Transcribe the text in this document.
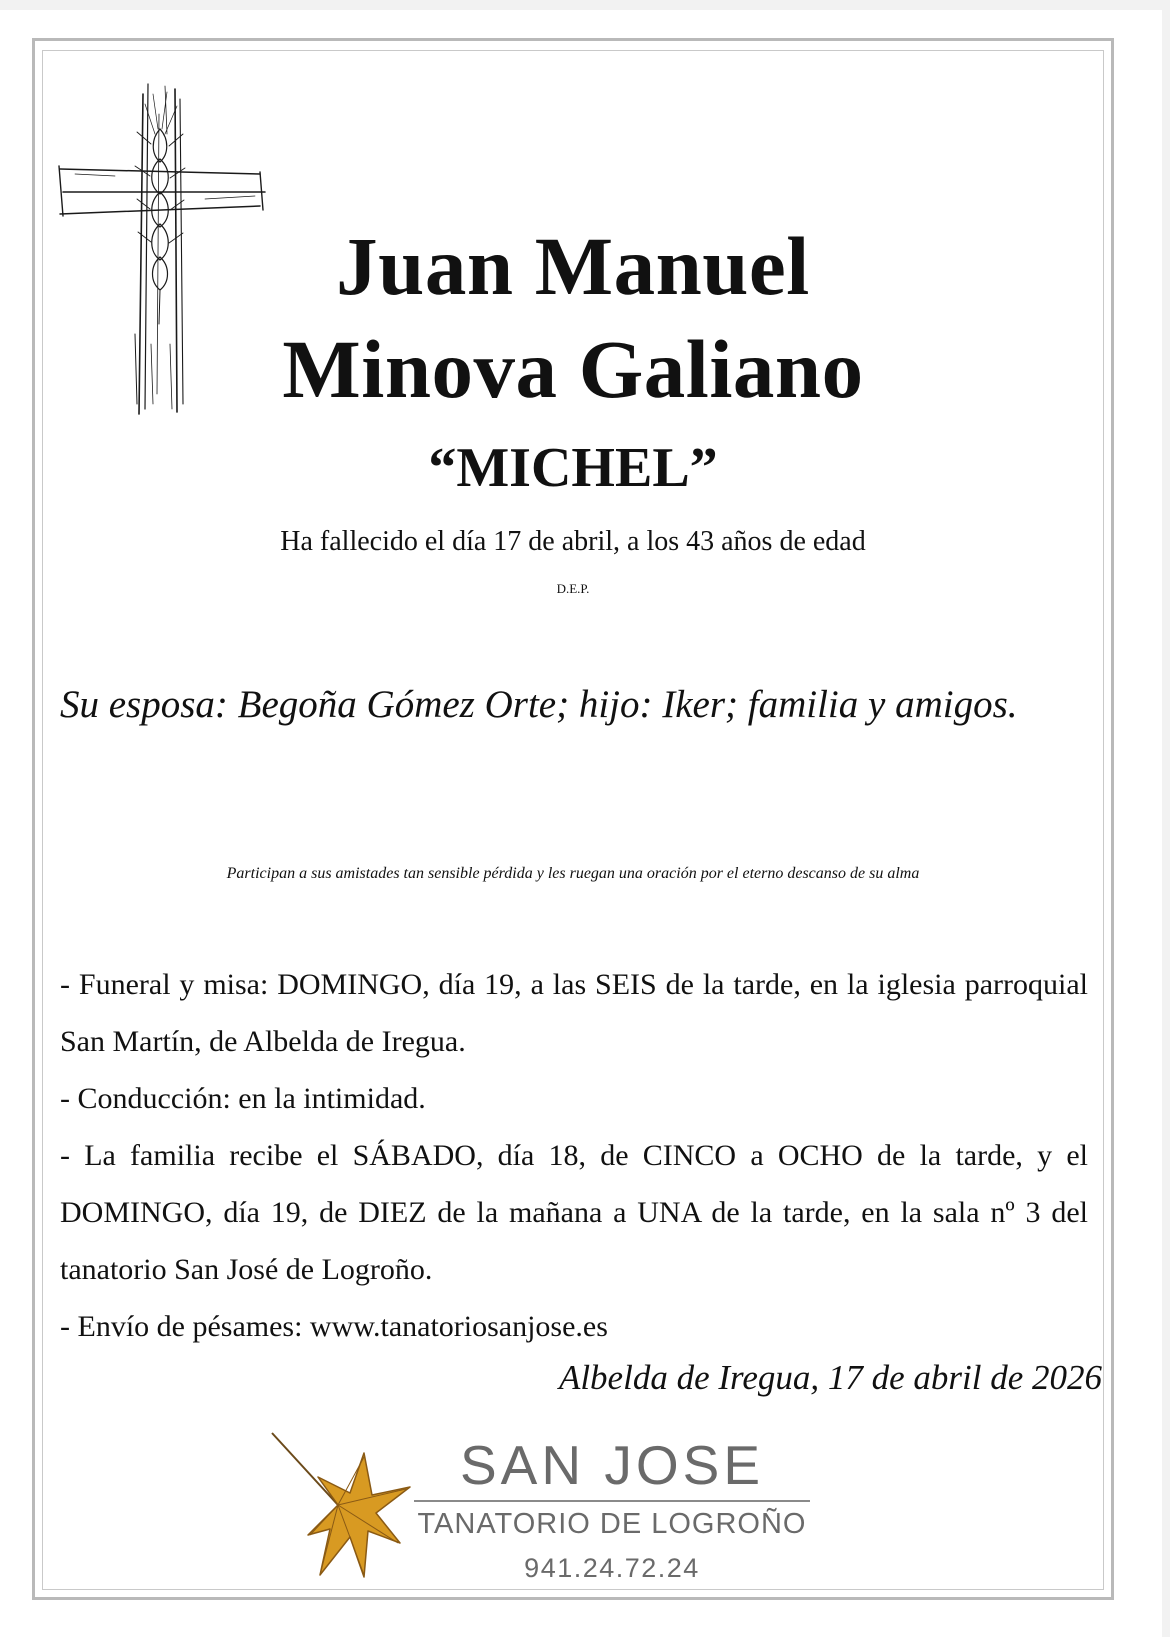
Juan Manuel
Minova Galiano
“MICHEL”
Ha fallecido el día 17 de abril, a los 43 años de edad
D.E.P.
Su esposa: Begoña Gómez Orte; hijo: Iker; familia y amigos.
Participan a sus amistades tan sensible pérdida y les ruegan una oración por el eterno descanso de su alma
- Funeral y misa: DOMINGO, día 19, a las SEIS de la tarde, en la iglesia parroquial San Martín, de Albelda de Iregua.
- Conducción: en la intimidad.
- La familia recibe el SÁBADO, día 18, de CINCO a OCHO de la tarde, y el DOMINGO, día 19, de DIEZ de la mañana a UNA de la tarde, en la sala nº 3 del tanatorio San José de Logroño.
- Envío de pésames: www.tanatoriosanjose.es
Albelda de Iregua, 17 de abril de 2026
SAN JOSE
TANATORIO DE LOGROÑO
941.24.72.24
